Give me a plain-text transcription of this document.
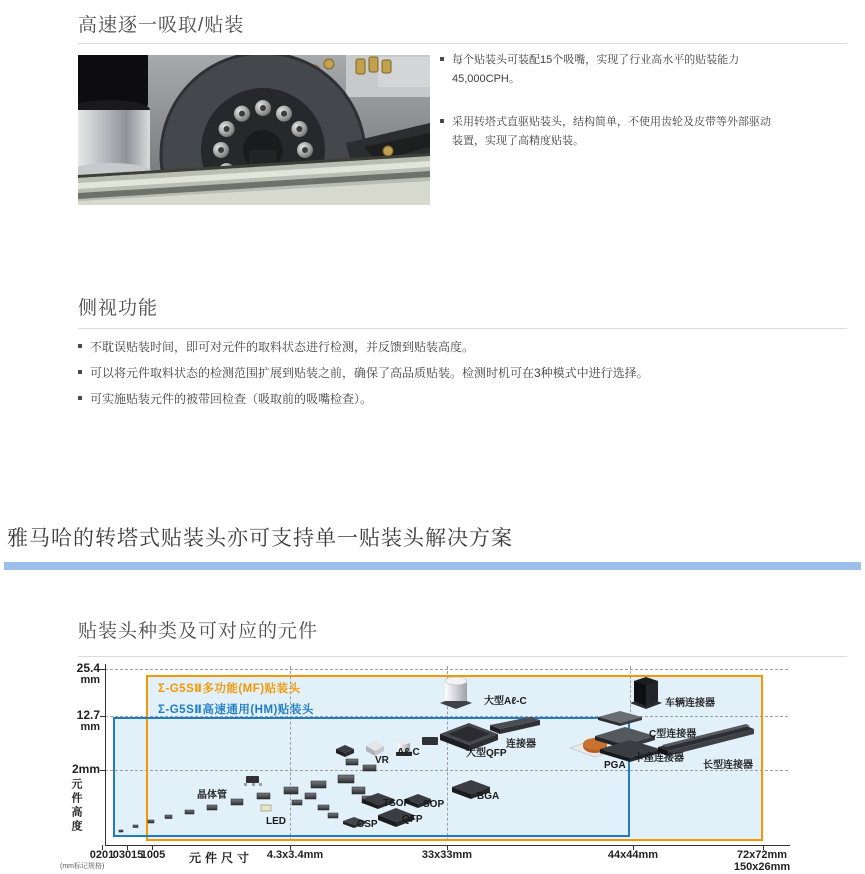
高速逐一吸取/贴装
每个贴装头可装配15个吸嘴，实现了行业高水平的贴装能力45,000CPH。
采用转塔式直驱贴装头，结构简单，不使用齿轮及皮带等外部驱动装置，实现了高精度贴装。
侧视功能
不耽误贴装时间，即可对元件的取料状态进行检测，并反馈到贴装高度。
可以将元件取料状态的检测范围扩展到贴装之前，确保了高品质贴装。检测时机可在3种模式中进行选择。
可实施贴装元件的被带回检查（吸取前的吸嘴检查）。
雅马哈的转塔式贴装头亦可支持单一贴装头解决方案
贴装头种类及可对应的元件
25.4
mm
12.7
mm
2mm
元件高度
Σ-G5SⅡ多功能(MF)贴装头
Σ-G5SⅡ高速通用(HM)贴装头
晶体管
LED	CSP
TSOP
QFP
SOP
BGA
VR
Aℓ-C
大型Aℓ-C
大型QFP
连接器
PGA
卡座连接器
C型连接器
车辆连接器
长型连接器
0201
03015
1005 元件尺寸 4.3x3.4mm	33x33mm	44x44mm	72x72mm
150x26mm
(mm标记规格)
